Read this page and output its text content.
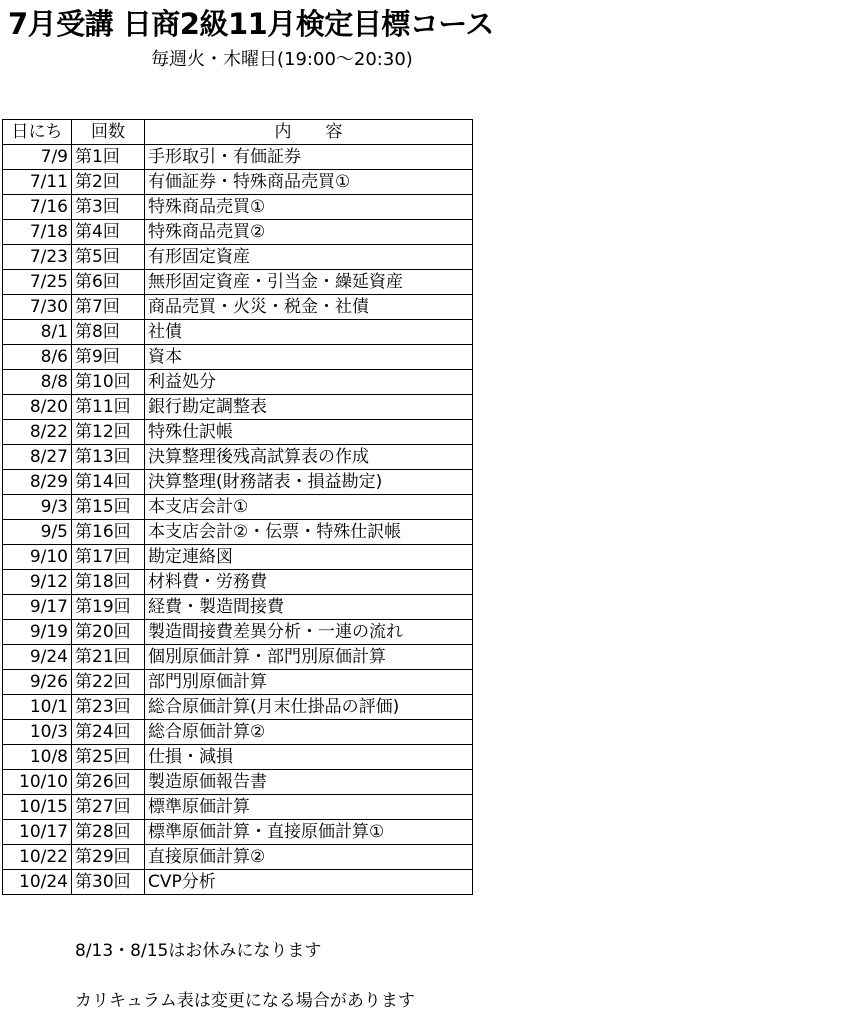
7月受講 日商2級11月検定目標コース
毎週火・木曜日(19:00～20:30)
日にち	回数	内　　容
7/9	第1回	手形取引・有価証券
7/11	第2回	有価証券・特殊商品売買①
7/16	第3回	特殊商品売買①
7/18	第4回	特殊商品売買②
7/23	第5回	有形固定資産
7/25	第6回	無形固定資産・引当金・繰延資産
7/30	第7回	商品売買・火災・税金・社債
8/1	第8回	社債
8/6	第9回	資本
8/8	第10回	利益処分
8/20	第11回	銀行勘定調整表
8/22	第12回	特殊仕訳帳
8/27	第13回	決算整理後残高試算表の作成
8/29	第14回	決算整理(財務諸表・損益勘定)
9/3	第15回	本支店会計①
9/5	第16回	本支店会計②・伝票・特殊仕訳帳
9/10	第17回	勘定連絡図
9/12	第18回	材料費・労務費
9/17	第19回	経費・製造間接費
9/19	第20回	製造間接費差異分析・一連の流れ
9/24	第21回	個別原価計算・部門別原価計算
9/26	第22回	部門別原価計算
10/1	第23回	総合原価計算(月末仕掛品の評価)
10/3	第24回	総合原価計算②
10/8	第25回	仕損・減損
10/10	第26回	製造原価報告書
10/15	第27回	標準原価計算
10/17	第28回	標準原価計算・直接原価計算①
10/22	第29回	直接原価計算②
10/24	第30回	CVP分析
8/13・8/15はお休みになります
カリキュラム表は変更になる場合があります
